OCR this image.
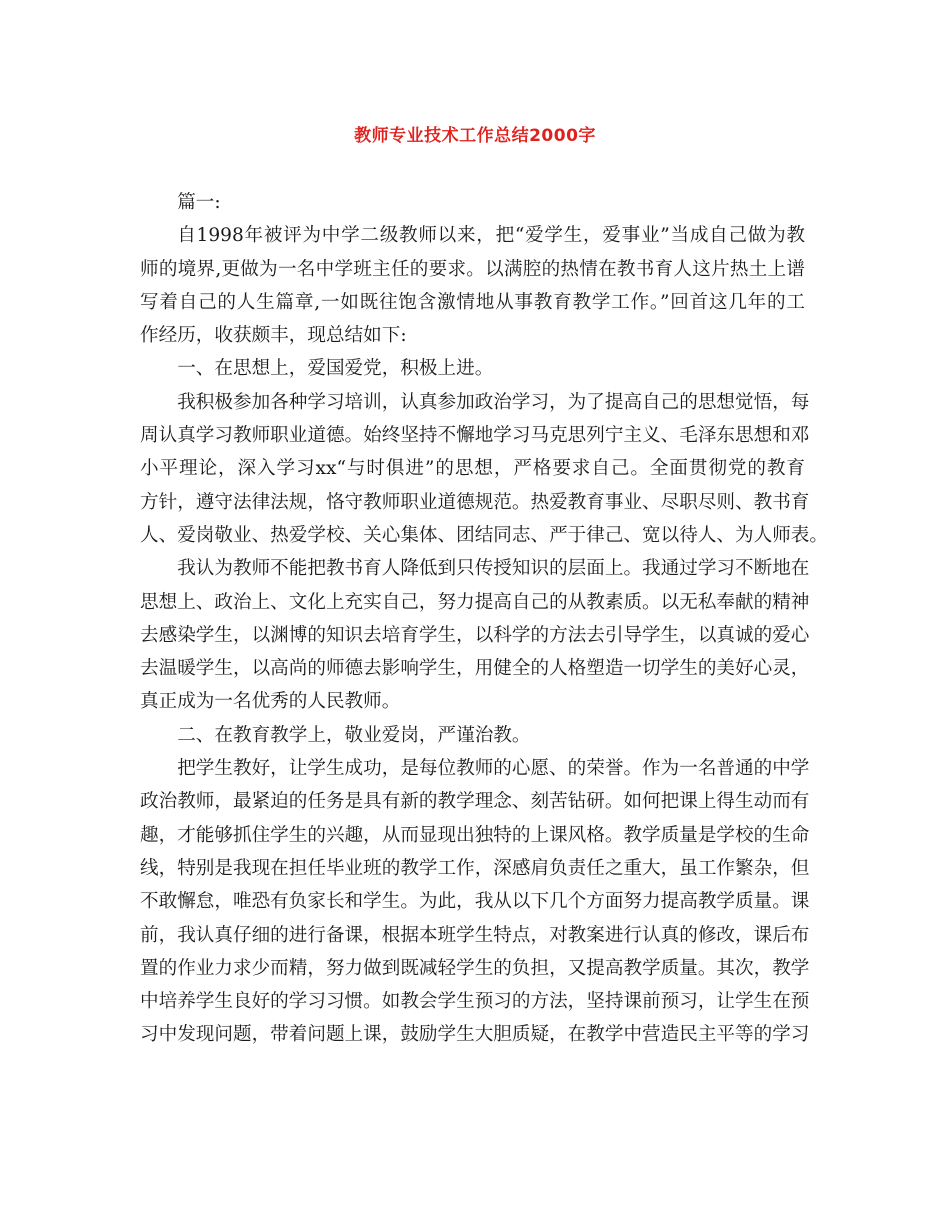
教师专业技术工作总结2000字
篇一:
自1998年被评为中学二级教师以来，把“爱学生，爱事业”当成自己做为教
师的境界,更做为一名中学班主任的要求。以满腔的热情在教书育人这片热土上谱
写着自己的人生篇章,一如既往饱含激情地从事教育教学工作。”回首这几年的工
作经历，收获颇丰，现总结如下:
一、在思想上，爱国爱党，积极上进。
我积极参加各种学习培训，认真参加政治学习，为了提高自己的思想觉悟，每
周认真学习教师职业道德。始终坚持不懈地学习马克思列宁主义、毛泽东思想和邓
小平理论，深入学习xx“与时俱进”的思想，严格要求自己。全面贯彻党的教育
方针，遵守法律法规，恪守教师职业道德规范。热爱教育事业、尽职尽则、教书育
人、爱岗敬业、热爱学校、关心集体、团结同志、严于律己、宽以待人、为人师表。
我认为教师不能把教书育人降低到只传授知识的层面上。我通过学习不断地在
思想上、政治上、文化上充实自己，努力提高自己的从教素质。以无私奉献的精神
去感染学生，以渊博的知识去培育学生，以科学的方法去引导学生，以真诚的爱心
去温暖学生，以高尚的师德去影响学生，用健全的人格塑造一切学生的美好心灵，
真正成为一名优秀的人民教师。
二、在教育教学上，敬业爱岗，严谨治教。
把学生教好，让学生成功，是每位教师的心愿、的荣誉。作为一名普通的中学
政治教师，最紧迫的任务是具有新的教学理念、刻苦钻研。如何把课上得生动而有
趣，才能够抓住学生的兴趣，从而显现出独特的上课风格。教学质量是学校的生命
线，特别是我现在担任毕业班的教学工作，深感肩负责任之重大，虽工作繁杂，但
不敢懈怠，唯恐有负家长和学生。为此，我从以下几个方面努力提高教学质量。课
前，我认真仔细的进行备课，根据本班学生特点，对教案进行认真的修改，课后布
置的作业力求少而精，努力做到既减轻学生的负担，又提高教学质量。其次，教学
中培养学生良好的学习习惯。如教会学生预习的方法，坚持课前预习，让学生在预
习中发现问题，带着问题上课，鼓励学生大胆质疑，在教学中营造民主平等的学习
